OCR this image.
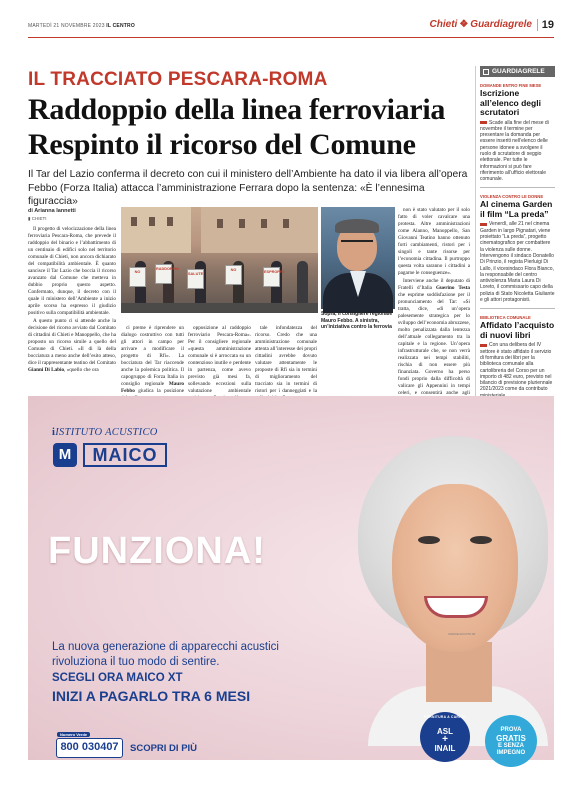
MARTEDÌ 21 NOVEMBRE 2023 IL CENTRO	Chieti ❖ Guardiagrele 19
IL TRACCIATO PESCARA-ROMA
Raddoppio della linea ferroviaria
Respinto il ricorso del Comune
Il Tar del Lazio conferma il decreto con cui il ministero dell’Ambiente ha dato il via libera all’opera Febbo (Forza Italia) attacca l’amministrazione Ferrara dopo la sentenza: «È l’ennesima figuraccia»
di Arianna Iannetti
▮ CHIETI

Il progetto di velocizzazione della linea ferroviaria Pescara-Roma, che prevede il raddoppio del binario e l’abbattimento di un centinaio di edifici solo nel territorio comunale di Chieti, non ancora dichiarato del compatibilità ambientale. È quanto sancisce il Tar Lazio che boccia il ricorso avanzato dal Comune che metteva in dubbio proprio questo aspetto. Confermato, dunque, il decreto con il quale il ministero dell’Ambiente a inizio aprile scorso ha espresso il giudizio positivo sulla compatibilità ambientale.

A questo punto ci si attende anche la decisione del ricorso avviato dal Comitato di cittadini di Chieti e Manoppello, che ha proposto un ricorso simile a quello del Comune di Chieti. «Il di là della bocciatura a meno anche dell’esito atteso, dice il rappresentante teatino del Comitato Gianni Di Labio, «quello che ora

NO
RADDOPPIO
SALUTE
NO	ESPROPRI
Sopra, il consigliere regionale Mauro Febbo. A sinistra, un’iniziativa contro la ferrovia

ci preme è riprendere un dialogo costruttivo con tutti gli attori in campo per arrivare a modificare il progetto di Rfi». La bocciatura del Tar riaccende anche la polemica politica. Il capogruppo di Forza Italia in consiglio regionale Mauro Febbo giudica la posizione

opposizione al raddoppio ferroviario Pescara-Roma». Per il consigliere regionale «questa amministrazione comunale si è arroccata su un contenzioso inutile e perdente in partenza, come avevo previsto già mesi fa, sollevando eccezioni sulla valutazione ambientale

tale infondatezza del ricorso. Credo che una amministrazione comunale attenta all’interesse dei propri cittadini avrebbe dovuto valutare attentamente le proposte di Rfi sia in termini di miglioramento del tracciato sia in termini di ristori per i danneggiati e la

non è stato valutato per il solo fatto di voler cavalcare una protesta. Altre amministrazioni come Alanno, Manoppello, San Giovanni Teatino hanno ottenuto forti cambiamenti, ristori per i singoli e tante risorse per l’economia cittadina. Il purtroppo questa volta saranno i cittadini a pagarne le conseguenze».

Interviene anche il deputato di Fratelli d’Italia Guerino Testa che esprime soddisfazione per il pronunciamento del Tar: «Si tratta, dice, «di un’opera palesemente strategica per lo sviluppo dell’economia abruzzese, molto penalizzata dalla lentezza dell’attuale collegamento tra la capitale e la regione. Un’opera infrastrutturale che, se non verrà realizzata nei tempi stabiliti, rischia di non essere più finanziata. Governo ha perso fondi proprio dalla difficoltà di valicare gli Appennini in tempi celeri, e consentirà anche agli

GUARDIAGRELE
DOMANDE ENTRO FINE MESE
Iscrizione all’elenco degli scrutatori
Scade alla fine del mese di novembre il termine per presentare la domanda per essere inseriti nell’elenco delle persone idonee a svolgere il ruolo di scrutatore di seggio elettorale. Per tutte le informazioni si può fare riferimento all’ufficio elettorale comunale.
VIOLENZA CONTRO LE DONNE
Al cinema Garden il film “La preda”
Venerdì, alle 21 nel cinema Garden in largo Pignatari, viene proiettato “La preda”, progetto cinematografico per combattere la violenza sulle donne. Intervengono il sindaco Donatello Di Prinzio, il regista Pierluigi Di Lallo, il vicesindaco Flora Bianco, la responsabile del centro antiviolenza Maria Laura Di Loreto, il commissario capo della polizia di Stato Nicoletta Giuliante e gli attori protagonisti.
BIBLIOTECA COMUNALE
Affidato l’acquisto di nuovi libri
Con una delibera del IV settore è stato affidato il servizio di fornitura dei libri per la biblioteca comunale alla cartolibreria del Corso per un importo di 482 euro, previsto nel bilancio di previsione pluriennale 2021/2023 come da contributo
iISTITUTO ACUSTICO
M	MAICO
FUNZIONA!
CODICE 00 FOTO 00
La nuova generazione di apparecchi acustici
rivoluziona il tuo modo di sentire.
SCEGLI ORA MAICO XT
INIZI A PAGARLO TRA 6 MESI
Numero Verde
800 030407	SCOPRI DI PIÙ
FORNITURA A CARICO
ASL
+
INAIL
PROVA
GRATIS
E SENZA
IMPEGNO
